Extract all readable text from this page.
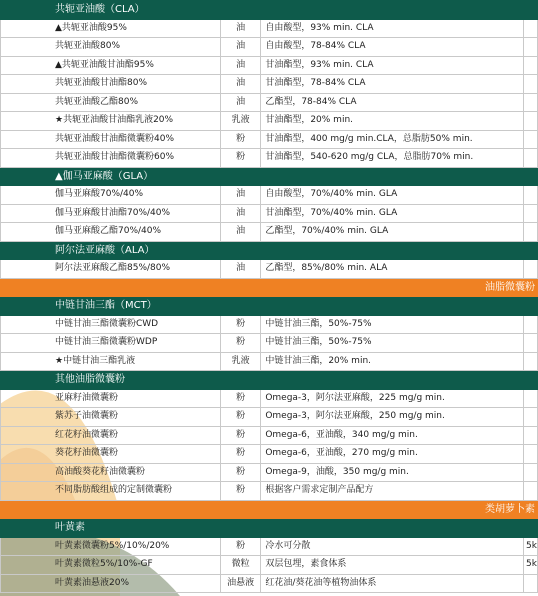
共轭亚油酸（CLA）			
▲共轭亚油酸95%	油	自由酸型，93% min. CLA	
共轭亚油酸80%	油	自由酸型，78-84% CLA	
▲共轭亚油酸甘油酯95%	油	甘油酯型，93% min. CLA	
共轭亚油酸甘油酯80%	油	甘油酯型，78-84% CLA	
共轭亚油酸乙酯80%	油	乙酯型，78-84% CLA	
★共轭亚油酸甘油酯乳液20%	乳液	甘油酯型，20% min.	
共轭亚油酸甘油酯微囊粉40%	粉	甘油酯型，400 mg/g min.CLA，总脂肪50% min.	
共轭亚油酸甘油酯微囊粉60%	粉	甘油酯型，540-620 mg/g CLA，总脂肪70% min.	
▲伽马亚麻酸（GLA）			
伽马亚麻酸70%/40%	油	自由酸型，70%/40% min. GLA	
伽马亚麻酸甘油酯70%/40%	油	甘油酯型，70%/40% min. GLA	
伽马亚麻酸乙酯70%/40%	油	乙酯型，70%/40% min. GLA	
阿尔法亚麻酸（ALA）			
阿尔法亚麻酸乙酯85%/80%	油	乙酯型，85%/80% min. ALA	
油脂微囊粉			
中链甘油三酯（MCT）			
中链甘油三酯微囊粉CWD	粉	中链甘油三酯，50%-75%	
中链甘油三酯微囊粉WDP	粉	中链甘油三酯，50%-75%	
★中链甘油三酯乳液	乳液	中链甘油三酯，20% min.	
其他油脂微囊粉			
亚麻籽油微囊粉	粉	Omega-3，阿尔法亚麻酸，225 mg/g min.	
紫苏子油微囊粉	粉	Omega-3，阿尔法亚麻酸，250 mg/g min.	
红花籽油微囊粉	粉	Omega-6，亚油酸，340 mg/g min.	
葵花籽油微囊粉	粉	Omega-6，亚油酸，270 mg/g min.	
高油酸葵花籽油微囊粉	粉	Omega-9，油酸，350 mg/g min.	
不同脂肪酸组成的定制微囊粉	粉	根据客户需求定制产品配方	
类胡萝卜素			
叶黄素			
叶黄素微囊粉5%/10%/20%	粉	冷水可分散	5k
叶黄素微粒5%/10%-GF	微粒	双层包埋，素食体系	5k
叶黄素油悬液20%	油悬液	红花油/葵花油等植物油体系	
